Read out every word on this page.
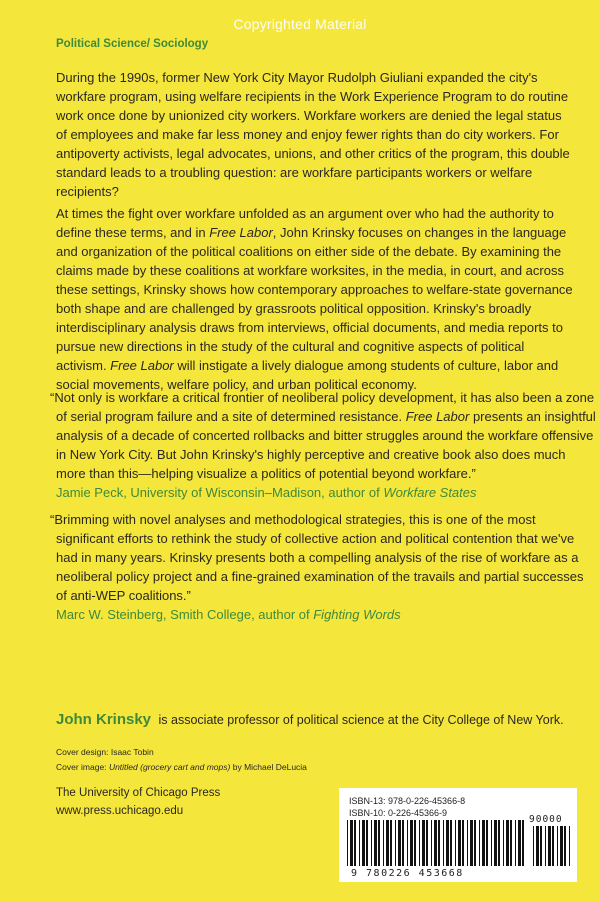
Copyrighted Material
Political Science/ Sociology

During the 1990s, former New York City Mayor Rudolph Giuliani expanded the city's workfare program, using welfare recipients in the Work Experience Program to do routine work once done by unionized city workers. Workfare workers are denied the legal status of employees and make far less money and enjoy fewer rights than do city workers. For antipoverty activists, legal advocates, unions, and other critics of the program, this double standard leads to a troubling question: are workfare participants workers or welfare recipients?

At times the fight over workfare unfolded as an argument over who had the authority to define these terms, and in Free Labor, John Krinsky focuses on changes in the language and organization of the political coalitions on either side of the debate. By examining the claims made by these coalitions at workfare worksites, in the media, in court, and across these settings, Krinsky shows how contemporary approaches to welfare-state governance both shape and are challenged by grassroots political opposition. Krinsky's broadly interdisciplinary analysis draws from interviews, official documents, and media reports to pursue new directions in the study of the cultural and cognitive aspects of political activism. Free Labor will instigate a lively dialogue among students of culture, labor and social movements, welfare policy, and urban political economy.

“Not only is workfare a critical frontier of neoliberal policy development, it has also been a zone of serial program failure and a site of determined resistance. Free Labor presents an insightful analysis of a decade of concerted rollbacks and bitter struggles around the workfare offensive in New York City. But John Krinsky's highly perceptive and creative book also does much more than this—helping visualize a politics of potential beyond workfare.”

Jamie Peck, University of Wisconsin–Madison, author of Workfare States

“Brimming with novel analyses and methodological strategies, this is one of the most significant efforts to rethink the study of collective action and political contention that we've had in many years. Krinsky presents both a compelling analysis of the rise of workfare as a neoliberal policy project and a fine-grained examination of the travails and partial successes of anti-WEP coalitions.”

Marc W. Steinberg, Smith College, author of Fighting Words

John Krinsky is associate professor of political science at the City College of New York.
Cover design: Isaac Tobin
Cover image: Untitled (grocery cart and mops) by Michael DeLucia
The University of Chicago Press
www.press.uchicago.edu
ISBN-13: 978-0-226-45366-8
ISBN-10: 0-226-45366-9
9 780226 453668
90000
